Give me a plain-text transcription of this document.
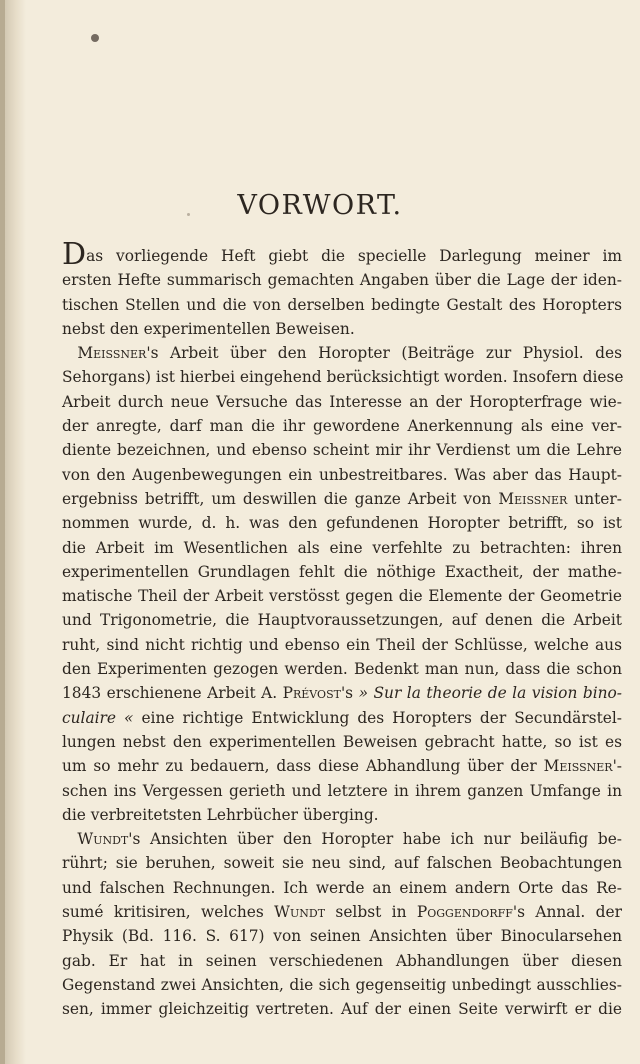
VORWORT.
Das vorliegende Heft giebt die specielle Darlegung meiner im
ersten Hefte summarisch gemachten Angaben über die Lage der iden-
tischen Stellen und die von derselben bedingte Gestalt des Horopters
nebst den experimentellen Beweisen.
 Meissner's Arbeit über den Horopter (Beiträge zur Physiol. des
Sehorgans) ist hierbei eingehend berücksichtigt worden. Insofern diese
Arbeit durch neue Versuche das Interesse an der Horopterfrage wie-
der anregte, darf man die ihr gewordene Anerkennung als eine ver-
diente bezeichnen, und ebenso scheint mir ihr Verdienst um die Lehre
von den Augenbewegungen ein unbestreitbares. Was aber das Haupt-
ergebniss betrifft, um deswillen die ganze Arbeit von Meissner unter-
nommen wurde, d. h. was den gefundenen Horopter betrifft, so ist
die Arbeit im Wesentlichen als eine verfehlte zu betrachten: ihren
experimentellen Grundlagen fehlt die nöthige Exactheit, der mathe-
matische Theil der Arbeit verstösst gegen die Elemente der Geometrie
und Trigonometrie, die Hauptvoraussetzungen, auf denen die Arbeit
ruht, sind nicht richtig und ebenso ein Theil der Schlüsse, welche aus
den Experimenten gezogen werden. Bedenkt man nun, dass die schon
1843 erschienene Arbeit A. Prévost's » Sur la theorie de la vision bino-
culaire « eine richtige Entwicklung des Horopters der Secundärstel-
lungen nebst den experimentellen Beweisen gebracht hatte, so ist es
um so mehr zu bedauern, dass diese Abhandlung über der Meissner'-
schen ins Vergessen gerieth und letztere in ihrem ganzen Umfange in
die verbreitetsten Lehrbücher überging.
 Wundt's Ansichten über den Horopter habe ich nur beiläufig be-
rührt; sie beruhen, soweit sie neu sind, auf falschen Beobachtungen
und falschen Rechnungen. Ich werde an einem andern Orte das Re-
sumé kritisiren, welches Wundt selbst in Poggendorff's Annal. der
Physik (Bd. 116. S. 617) von seinen Ansichten über Binocularsehen
gab. Er hat in seinen verschiedenen Abhandlungen über diesen
Gegenstand zwei Ansichten, die sich gegenseitig unbedingt ausschlies-
sen, immer gleichzeitig vertreten. Auf der einen Seite verwirft er die
